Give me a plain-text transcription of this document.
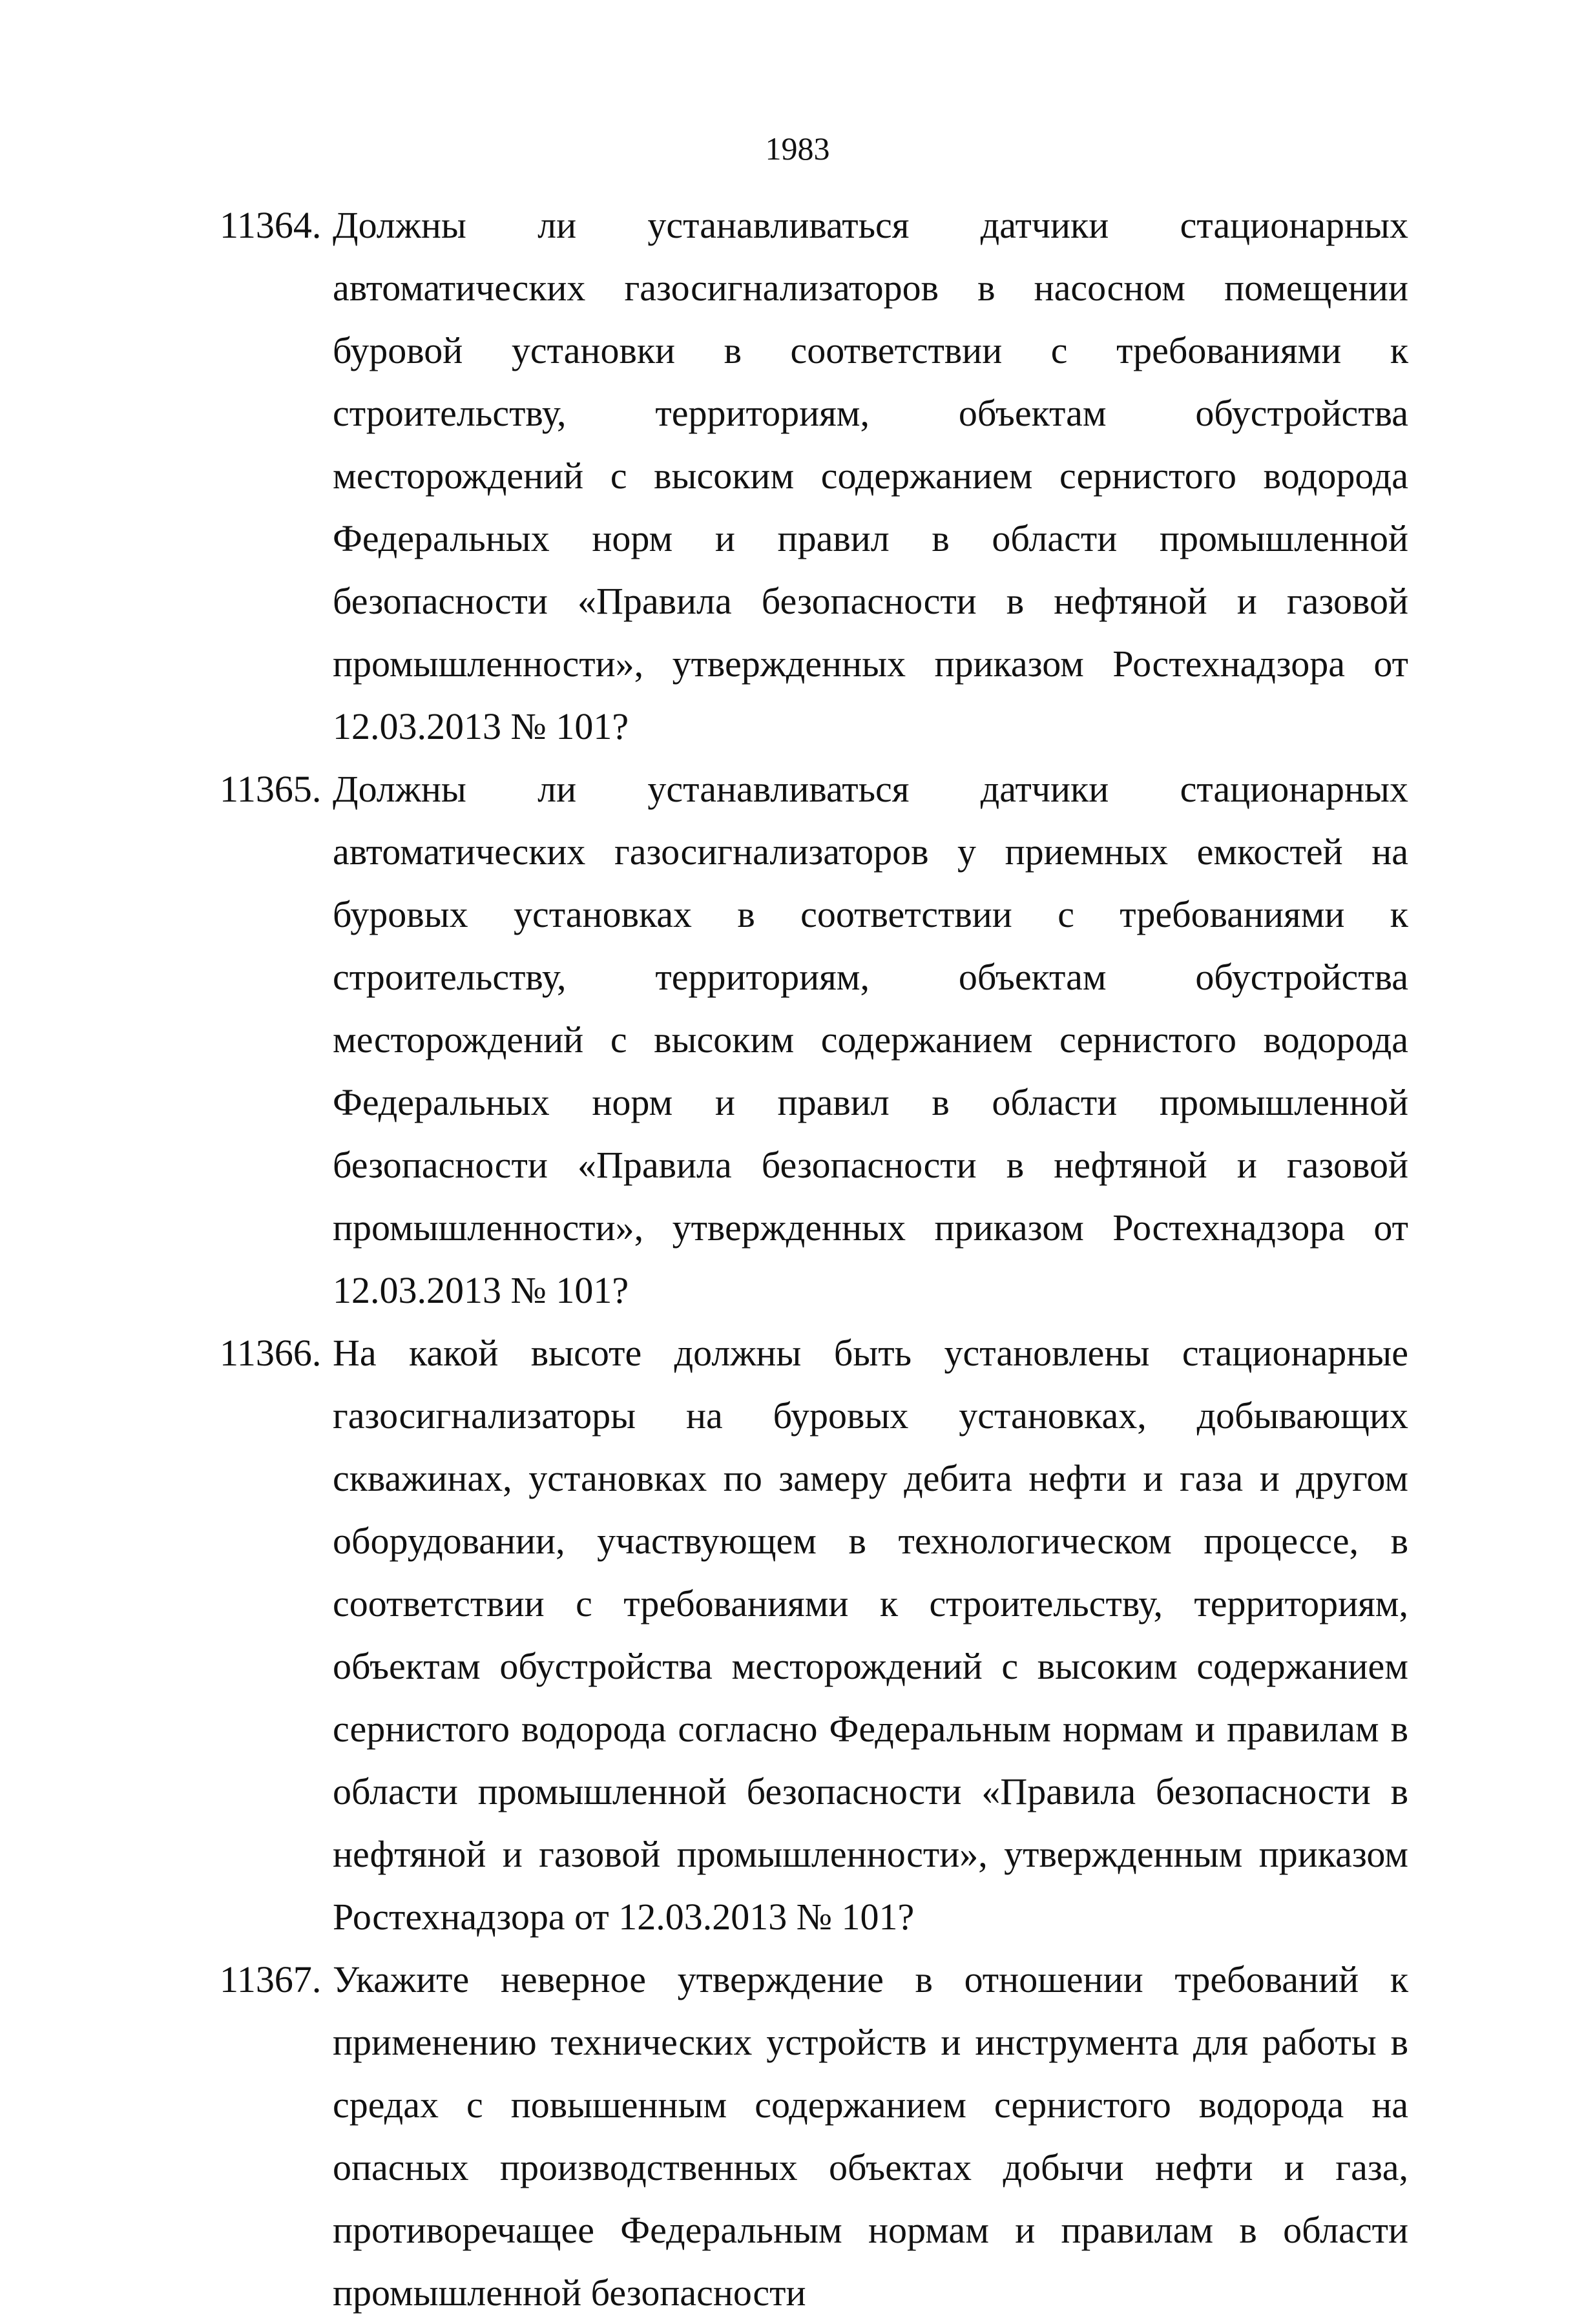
1983
11364. Должны ли устанавливаться датчики стационарных автоматических газосигнализаторов в насосном помещении буровой установки в соответствии с требованиями к строительству, территориям, объектам обустройства месторождений с высоким содержанием сернистого водорода Федеральных норм и правил в области промышленной безопасности «Правила безопасности в нефтяной и газовой промышленности», утвержденных приказом Ростехнадзора от 12.03.2013 № 101?
11365. Должны ли устанавливаться датчики стационарных автоматических газосигнализаторов у приемных емкостей на буровых установках в соответствии с требованиями к строительству, территориям, объектам обустройства месторождений с высоким содержанием сернистого водорода Федеральных норм и правил в области промышленной безопасности «Правила безопасности в нефтяной и газовой промышленности», утвержденных приказом Ростехнадзора от 12.03.2013 № 101?
11366. На какой высоте должны быть установлены стационарные газосигнализаторы на буровых установках, добывающих скважинах, установках по замеру дебита нефти и газа и другом оборудовании, участвующем в технологическом процессе, в соответствии с требованиями к строительству, территориям, объектам обустройства месторождений с высоким содержанием сернистого водорода согласно Федеральным нормам и правилам в области промышленной безопасности «Правила безопасности в нефтяной и газовой промышленности», утвержденным приказом Ростехнадзора от 12.03.2013 № 101?
11367. Укажите неверное утверждение в отношении требований к применению технических устройств и инструмента для работы в средах с повышенным содержанием сернистого водорода на опасных производственных объектах добычи нефти и газа, противоречащее Федеральным нормам и правилам в области промышленной безопасности
